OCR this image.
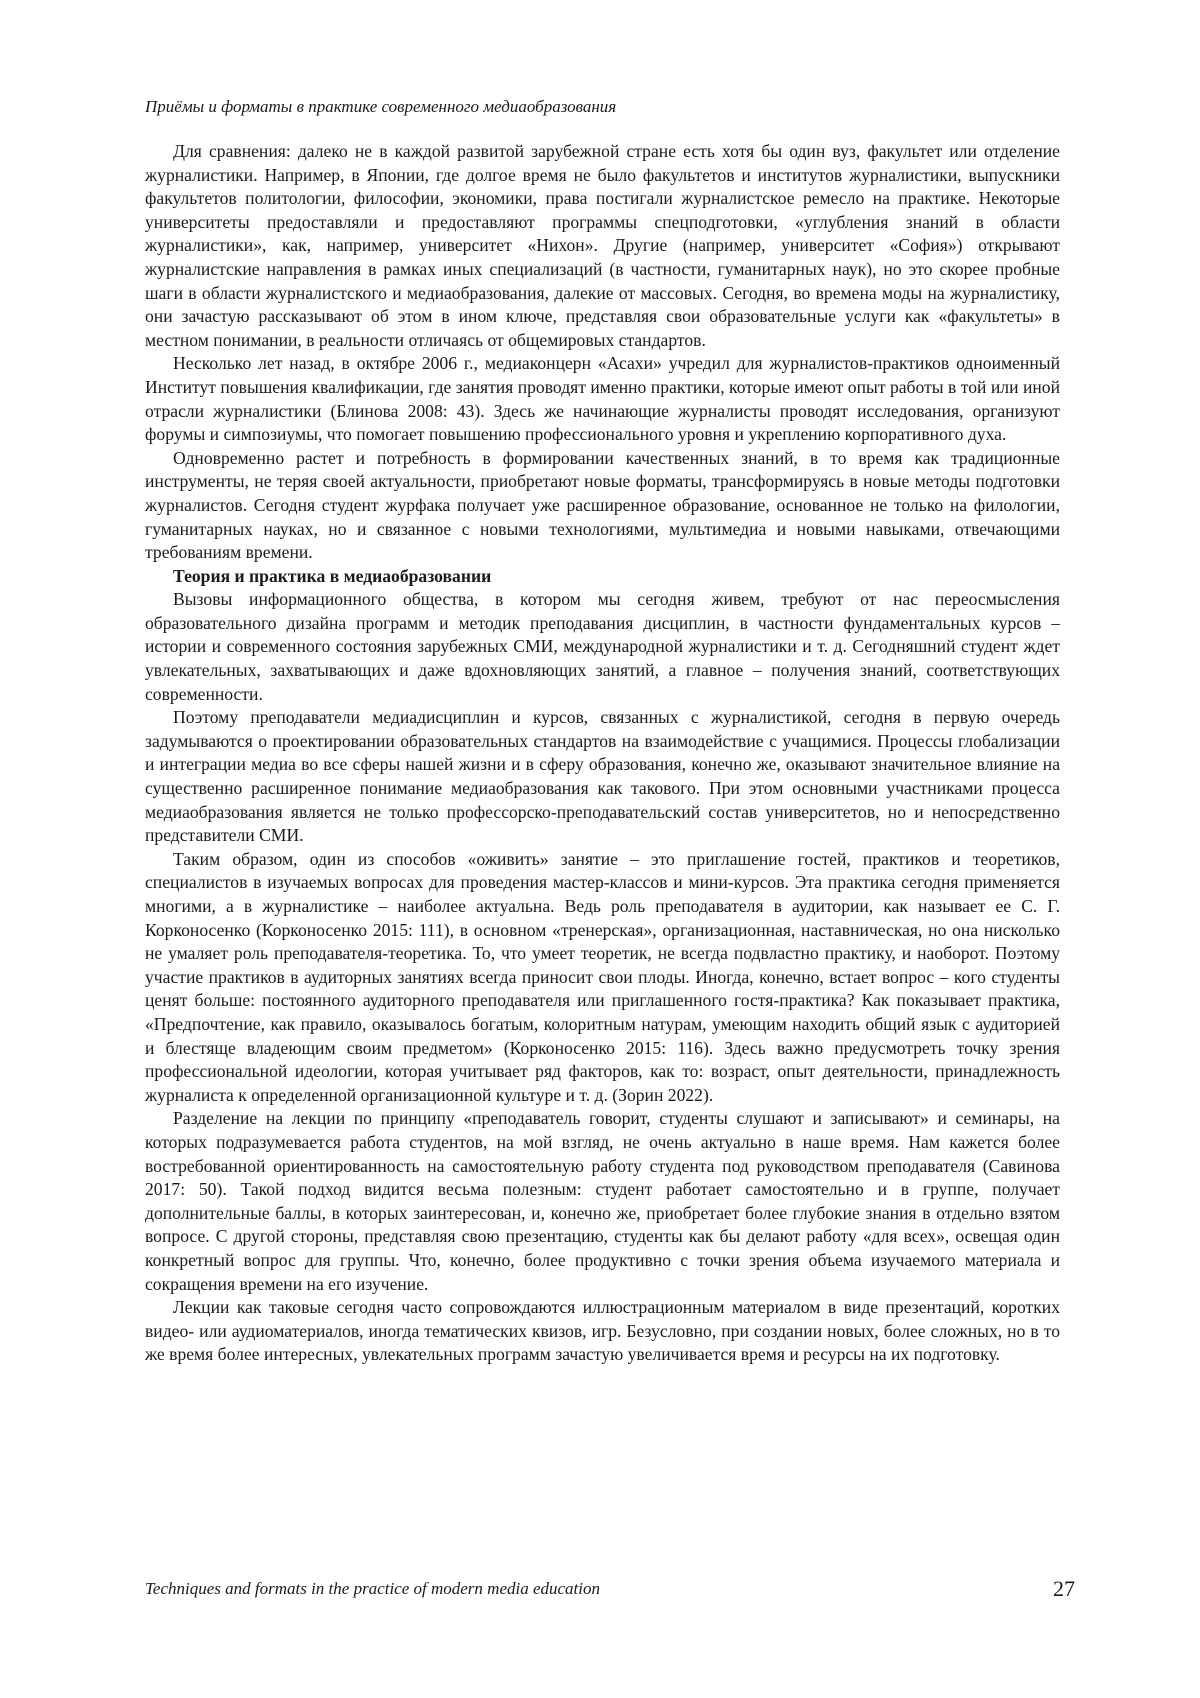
Приёмы и форматы в практике современного медиаобразования

Для сравнения: далеко не в каждой развитой зарубежной стране есть хотя бы один вуз, факультет или отделение журналистики. Например, в Японии, где долгое время не было факультетов и институтов журналистики, выпускники факультетов политологии, философии, экономики, права постигали журналистское ремесло на практике. Некоторые университеты предоставляли и предоставляют программы спецподготовки, «углубления знаний в области журналистики», как, например, университет «Нихон». Другие (например, университет «София») открывают журналистские направления в рамках иных специализаций (в частности, гуманитарных наук), но это скорее пробные шаги в области журналистского и медиаобразования, далекие от массовых. Сегодня, во времена моды на журналистику, они зачастую рассказывают об этом в ином ключе, представляя свои образовательные услуги как «факультеты» в местном понимании, в реальности отличаясь от общемировых стандартов.

Несколько лет назад, в октябре 2006 г., медиаконцерн «Асахи» учредил для журналистов-практиков одноименный Институт повышения квалификации, где занятия проводят именно практики, которые имеют опыт работы в той или иной отрасли журналистики (Блинова 2008: 43). Здесь же начинающие журналисты проводят исследования, организуют форумы и симпозиумы, что помогает повышению профессионального уровня и укреплению корпоративного духа.

Одновременно растет и потребность в формировании качественных знаний, в то время как традиционные инструменты, не теряя своей актуальности, приобретают новые форматы, трансформируясь в новые методы подготовки журналистов. Сегодня студент журфака получает уже расширенное образование, основанное не только на филологии, гуманитарных науках, но и связанное с новыми технологиями, мультимедиа и новыми навыками, отвечающими требованиям времени.

Теория и практика в медиаобразовании

Вызовы информационного общества, в котором мы сегодня живем, требуют от нас переосмысления образовательного дизайна программ и методик преподавания дисциплин, в частности фундаментальных курсов – истории и современного состояния зарубежных СМИ, международной журналистики и т. д. Сегодняшний студент ждет увлекательных, захватывающих и даже вдохновляющих занятий, а главное – получения знаний, соответствующих современности.

Поэтому преподаватели медиадисциплин и курсов, связанных с журналистикой, сегодня в первую очередь задумываются о проектировании образовательных стандартов на взаимодействие с учащимися. Процессы глобализации и интеграции медиа во все сферы нашей жизни и в сферу образования, конечно же, оказывают значительное влияние на существенно расширенное понимание медиаобразования как такового. При этом основными участниками процесса медиаобразования является не только профессорско-преподавательский состав университетов, но и непосредственно представители СМИ.

Таким образом, один из способов «оживить» занятие – это приглашение гостей, практиков и теоретиков, специалистов в изучаемых вопросах для проведения мастер-классов и мини-курсов. Эта практика сегодня применяется многими, а в журналистике – наиболее актуальна. Ведь роль преподавателя в аудитории, как называет ее С. Г. Корконосенко (Корконосенко 2015: 111), в основном «тренерская», организационная, наставническая, но она нисколько не умаляет роль преподавателя-теоретика. То, что умеет теоретик, не всегда подвластно практику, и наоборот. Поэтому участие практиков в аудиторных занятиях всегда приносит свои плоды. Иногда, конечно, встает вопрос – кого студенты ценят больше: постоянного аудиторного преподавателя или приглашенного гостя-практика? Как показывает практика, «Предпочтение, как правило, оказывалось богатым, колоритным натурам, умеющим находить общий язык с аудиторией и блестяще владеющим своим предметом» (Корконосенко 2015: 116). Здесь важно предусмотреть точку зрения профессиональной идеологии, которая учитывает ряд факторов, как то: возраст, опыт деятельности, принадлежность журналиста к определенной организационной культуре и т. д. (Зорин 2022).

Разделение на лекции по принципу «преподаватель говорит, студенты слушают и записывают» и семинары, на которых подразумевается работа студентов, на мой взгляд, не очень актуально в наше время. Нам кажется более востребованной ориентированность на самостоятельную работу студента под руководством преподавателя (Савинова 2017: 50). Такой подход видится весьма полезным: студент работает самостоятельно и в группе, получает дополнительные баллы, в которых заинтересован, и, конечно же, приобретает более глубокие знания в отдельно взятом вопросе. С другой стороны, представляя свою презентацию, студенты как бы делают работу «для всех», освещая один конкретный вопрос для группы. Что, конечно, более продуктивно с точки зрения объема изучаемого материала и сокращения времени на его изучение.

Лекции как таковые сегодня часто сопровождаются иллюстрационным материалом в виде презентаций, коротких видео- или аудиоматериалов, иногда тематических квизов, игр. Безусловно, при создании новых, более сложных, но в то же время более интересных, увлекательных программ зачастую увеличивается время и ресурсы на их подготовку.

Techniques and formats in the practice of modern media education	27
